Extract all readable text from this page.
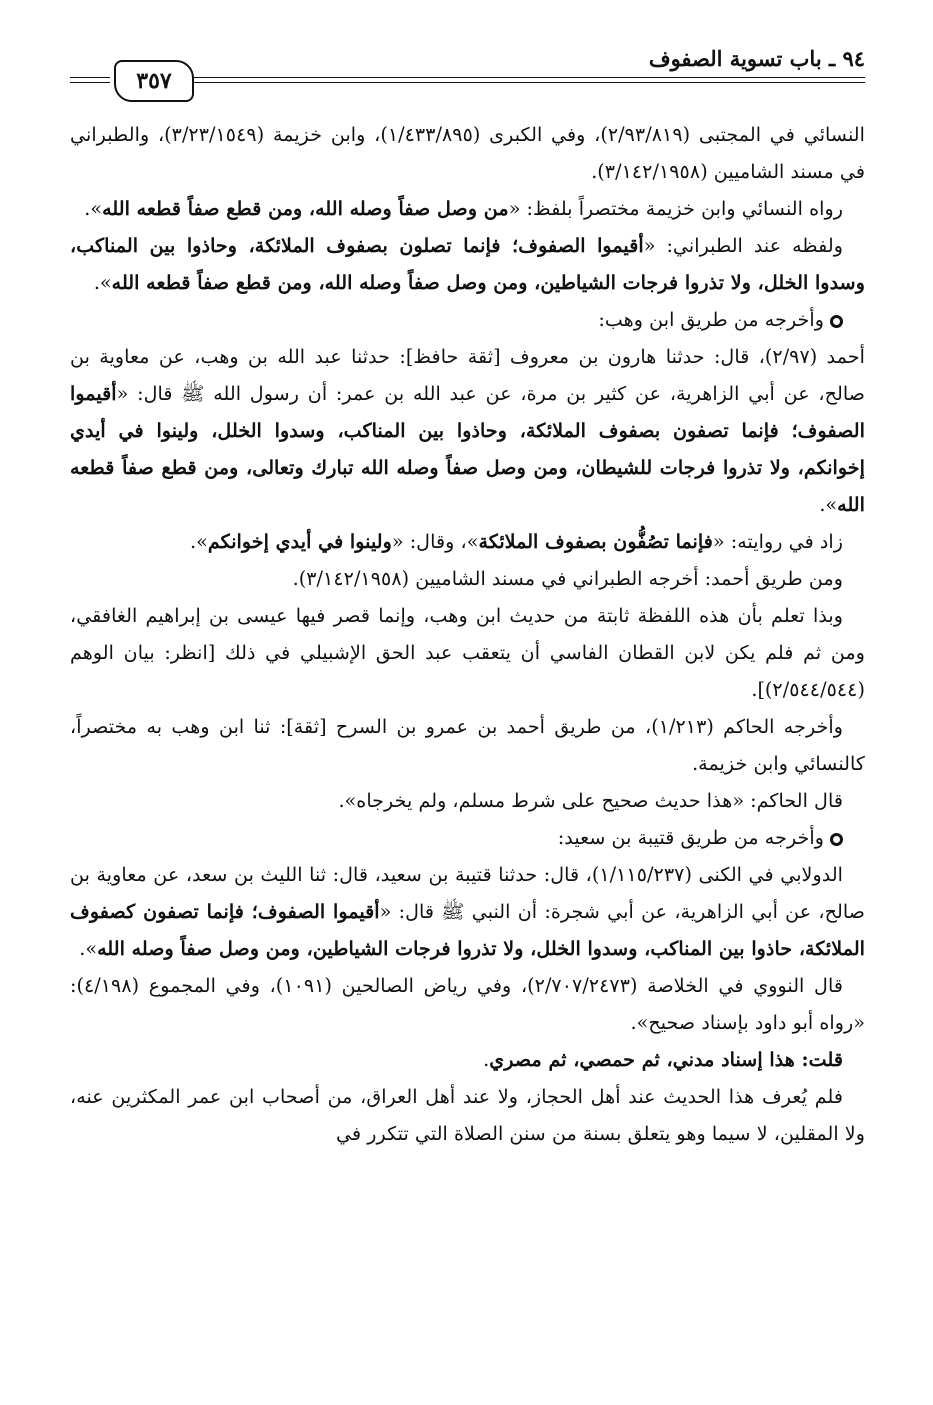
٩٤ ـ باب تسوية الصفوف
٣٥٧

النسائي في المجتبى (٢/٩٣/٨١٩)، وفي الكبرى (١/٤٣٣/٨٩٥)، وابن خزيمة (٣/٢٣/١٥٤٩)، والطبراني في مسند الشاميين (٣/١٤٢/١٩٥٨).

رواه النسائي وابن خزيمة مختصراً بلفظ: «من وصل صفاً وصله الله، ومن قطع صفاً قطعه الله».

ولفظه عند الطبراني: «أقيموا الصفوف؛ فإنما تصلون بصفوف الملائكة، وحاذوا بين المناكب، وسدوا الخلل، ولا تذروا فرجات الشياطين، ومن وصل صفاً وصله الله، ومن قطع صفاً قطعه الله».

وأخرجه من طريق ابن وهب:

أحمد (٢/٩٧)، قال: حدثنا هارون بن معروف [ثقة حافظ]: حدثنا عبد الله بن وهب، عن معاوية بن صالح، عن أبي الزاهرية، عن كثير بن مرة، عن عبد الله بن عمر: أن رسول الله ﷺ قال: «أقيموا الصفوف؛ فإنما تصفون بصفوف الملائكة، وحاذوا بين المناكب، وسدوا الخلل، ولينوا في أيدي إخوانكم، ولا تذروا فرجات للشيطان، ومن وصل صفاً وصله الله تبارك وتعالى، ومن قطع صفاً قطعه الله».

زاد في روايته: «فإنما تصُفُّون بصفوف الملائكة»، وقال: «ولينوا في أيدي إخوانكم».

ومن طريق أحمد: أخرجه الطبراني في مسند الشاميين (٣/١٤٢/١٩٥٨).

وبذا تعلم بأن هذه اللفظة ثابتة من حديث ابن وهب، وإنما قصر فيها عيسى بن إبراهيم الغافقي، ومن ثم فلم يكن لابن القطان الفاسي أن يتعقب عبد الحق الإشبيلي في ذلك [انظر: بيان الوهم (٢/٥٤٤/٥٤٤)].

وأخرجه الحاكم (١/٢١٣)، من طريق أحمد بن عمرو بن السرح [ثقة]: ثنا ابن وهب به مختصراً، كالنسائي وابن خزيمة.

قال الحاكم: «هذا حديث صحيح على شرط مسلم، ولم يخرجاه».

وأخرجه من طريق قتيبة بن سعيد:

الدولابي في الكنى (١/١١٥/٢٣٧)، قال: حدثنا قتيبة بن سعيد، قال: ثنا الليث بن سعد، عن معاوية بن صالح، عن أبي الزاهرية، عن أبي شجرة: أن النبي ﷺ قال: «أقيموا الصفوف؛ فإنما تصفون كصفوف الملائكة، حاذوا بين المناكب، وسدوا الخلل، ولا تذروا فرجات الشياطين، ومن وصل صفاً وصله الله».

قال النووي في الخلاصة (٢/٧٠٧/٢٤٧٣)، وفي رياض الصالحين (١٠٩١)، وفي المجموع (٤/١٩٨): «رواه أبو داود بإسناد صحيح».

قلت: هذا إسناد مدني، ثم حمصي، ثم مصري.

فلم يُعرف هذا الحديث عند أهل الحجاز، ولا عند أهل العراق، من أصحاب ابن عمر المكثرين عنه، ولا المقلين، لا سيما وهو يتعلق بسنة من سنن الصلاة التي تتكرر في
